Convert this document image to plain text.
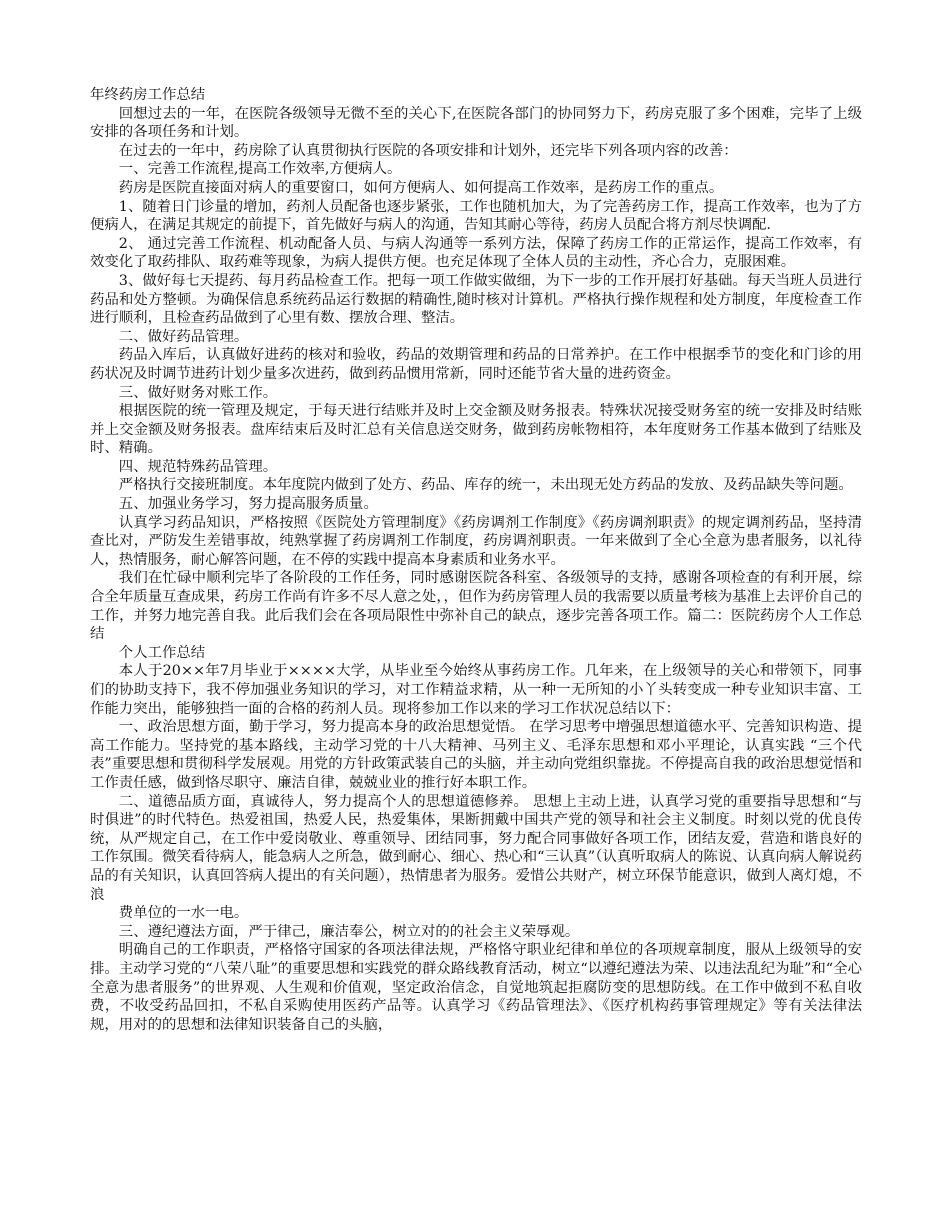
年终药房工作总结

回想过去的一年，在医院各级领导无微不至的关心下,在医院各部门的协同努力下，药房克服了多个困难，完毕了上级安排的各项任务和计划。

在过去的一年中，药房除了认真贯彻执行医院的各项安排和计划外，还完毕下列各项内容的改善：

一、完善工作流程,提高工作效率,方便病人。

药房是医院直接面对病人的重要窗口，如何方便病人、如何提高工作效率，是药房工作的重点。

1、随着日门诊量的增加，药剂人员配备也逐步紧张，工作也随机加大，为了完善药房工作，提高工作效率，也为了方便病人，在满足其规定的前提下，首先做好与病人的沟通，告知其耐心等待，药房人员配合将方剂尽快调配.

2、 通过完善工作流程、机动配备人员、与病人沟通等一系列方法，保障了药房工作的正常运作，提高工作效率，有效变化了取药排队、取药难等现象，为病人提供方便。也充足体现了全体人员的主动性，齐心合力，克服困难。

3、做好每七天提药、每月药品检查工作。把每一项工作做实做细，为下一步的工作开展打好基础。每天当班人员进行药品和处方整顿。为确保信息系统药品运行数据的精确性,随时核对计算机。严格执行操作规程和处方制度，年度检查工作进行顺利，且检查药品做到了心里有数、摆放合理、整洁。

二、做好药品管理。

药品入库后，认真做好进药的核对和验收，药品的效期管理和药品的日常养护。在工作中根据季节的变化和门诊的用药状况及时调节进药计划少量多次进药，做到药品惯用常新，同时还能节省大量的进药资金。

三、做好财务对账工作。

根据医院的统一管理及规定，于每天进行结账并及时上交金额及财务报表。特殊状况接受财务室的统一安排及时结账并上交金额及财务报表。盘库结束后及时汇总有关信息送交财务，做到药房帐物相符，本年度财务工作基本做到了结账及时、精确。

四、规范特殊药品管理。

严格执行交接班制度。本年度院内做到了处方、药品、库存的统一，未出现无处方药品的发放、及药品缺失等问题。

五、加强业务学习，努力提高服务质量。

认真学习药品知识，严格按照《医院处方管理制度》《药房调剂工作制度》《药房调剂职责》的规定调剂药品，坚持清查比对，严防发生差错事故，纯熟掌握了药房调剂工作制度，药房调剂职责。一年来做到了全心全意为患者服务，以礼待人，热情服务，耐心解答问题，在不停的实践中提高本身素质和业务水平。

我们在忙碌中顺利完毕了各阶段的工作任务，同时感谢医院各科室、各级领导的支持，感谢各项检查的有利开展，综合全年质量互查成果，药房工作尚有许多不尽人意之处，，但作为药房管理人员的我需要以质量考核为基准上去评价自己的工作，并努力地完善自我。此后我们会在各项局限性中弥补自己的缺点，逐步完善各项工作。篇二：医院药房个人工作总结

个人工作总结

本人于20××年7月毕业于××××大学，从毕业至今始终从事药房工作。几年来，在上级领导的关心和带领下，同事们的协助支持下，我不停加强业务知识的学习，对工作精益求精，从一种一无所知的小丫头转变成一种专业知识丰富、工作能力突出，能够独挡一面的合格的药剂人员。现将参加工作以来的学习工作状况总结以下：

一、政治思想方面，勤于学习，努力提高本身的政治思想觉悟。 在学习思考中增强思想道德水平、完善知识构造、提高工作能力。坚持党的基本路线，主动学习党的十八大精神、马列主义、毛泽东思想和邓小平理论，认真实践 “三个代表”重要思想和贯彻科学发展观。用党的方针政策武装自己的头脑，并主动向党组织靠拢。不停提高自我的政治思想觉悟和工作责任感，做到恪尽职守、廉洁自律，兢兢业业的推行好本职工作。

二、道德品质方面，真诚待人，努力提高个人的思想道德修养。 思想上主动上进，认真学习党的重要指导思想和“与时俱进”的时代特色。热爱祖国，热爱人民，热爱集体，果断拥戴中国共产党的领导和社会主义制度。时刻以党的优良传统，从严规定自己，在工作中爱岗敬业、尊重领导、团结同事，努力配合同事做好各项工作，团结友爱，营造和谐良好的工作氛围。微笑看待病人，能急病人之所急，做到耐心、细心、热心和“三认真”（认真听取病人的陈说、认真向病人解说药品的有关知识，认真回答病人提出的有关问题），热情患者为服务。爱惜公共财产，树立环保节能意识，做到人离灯熄，不浪

费单位的一水一电。

三、遵纪遵法方面，严于律己，廉洁奉公，树立对的的社会主义荣辱观。

明确自己的工作职责，严格恪守国家的各项法律法规，严格恪守职业纪律和单位的各项规章制度，服从上级领导的安排。主动学习党的“八荣八耻”的重要思想和实践党的群众路线教育活动，树立“以遵纪遵法为荣、以违法乱纪为耻”和“全心全意为患者服务”的世界观、人生观和价值观，坚定政治信念，自觉地筑起拒腐防变的思想防线。在工作中做到不私自收费，不收受药品回扣，不私自采购使用医药产品等。认真学习《药品管理法》、《医疗机构药事管理规定》等有关法律法规，用对的的思想和法律知识装备自己的头脑，
